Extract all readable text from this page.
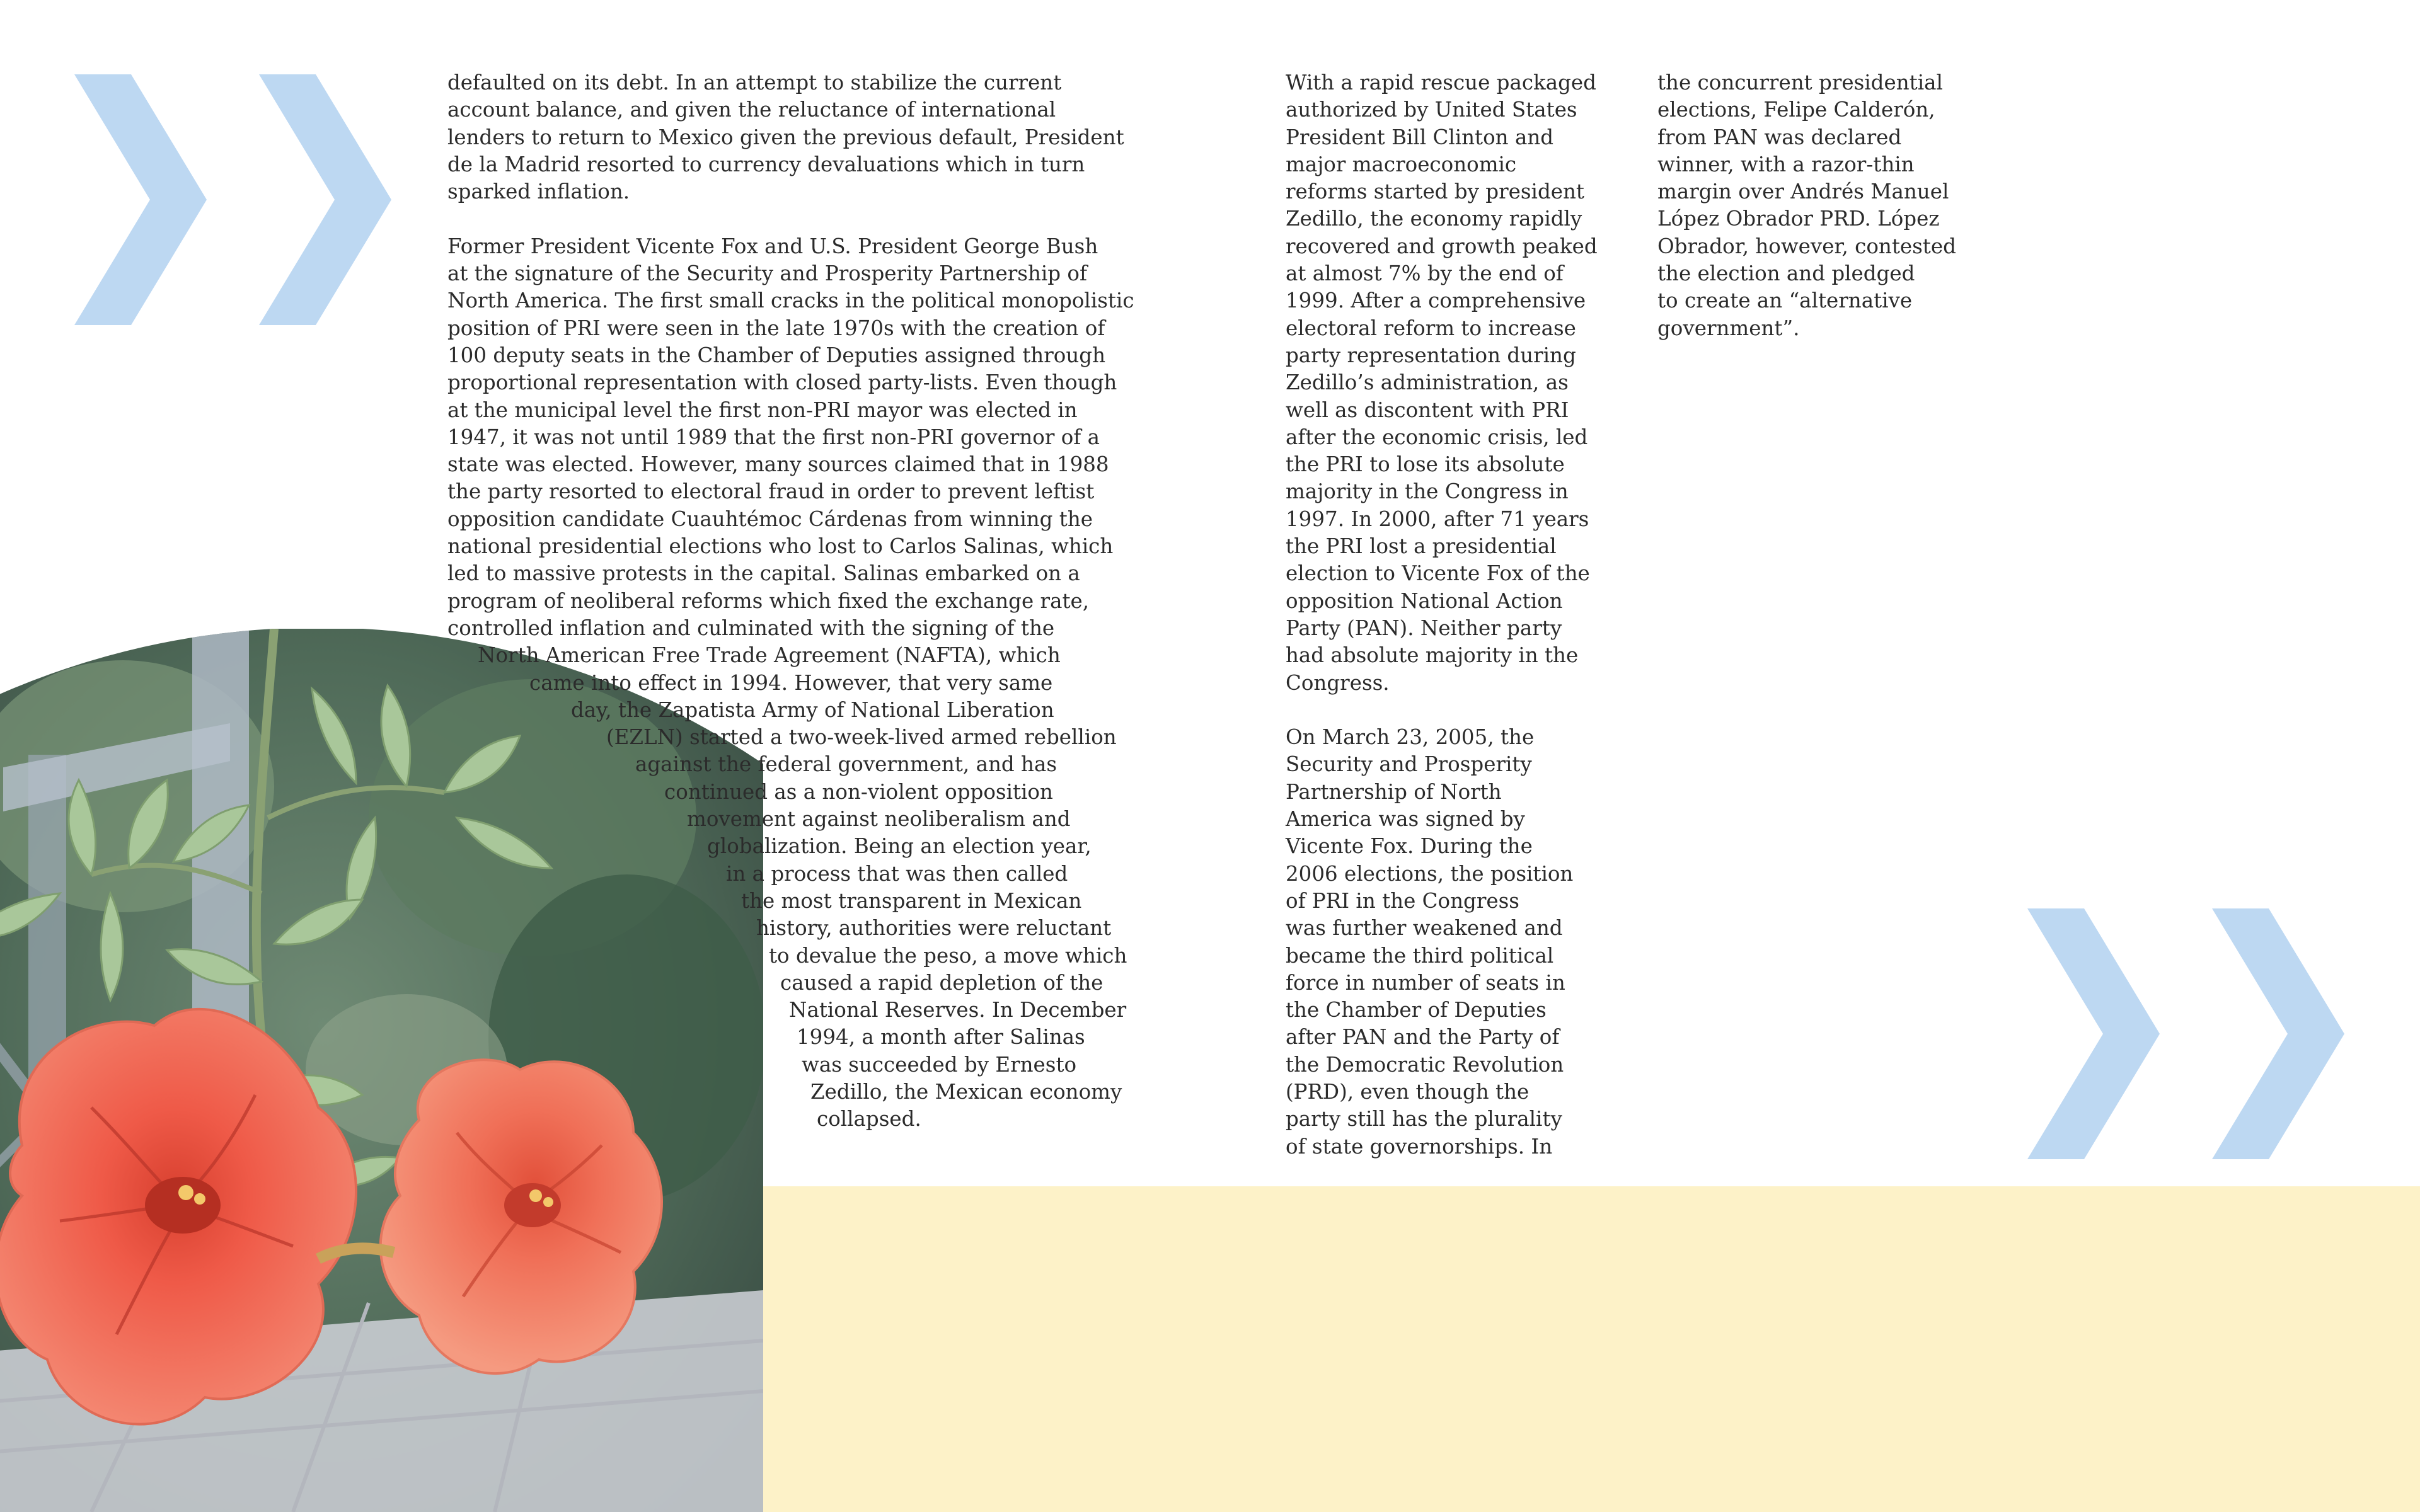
defaulted on its debt. In an attempt to stabilize the current
account balance, and given the reluctance of international
lenders to return to Mexico given the previous default, President
de la Madrid resorted to currency devaluations which in turn
sparked inflation.

Former President Vicente Fox and U.S. President George Bush
at the signature of the Security and Prosperity Partnership of
North America. The first small cracks in the political monopolistic
position of PRI were seen in the late 1970s with the creation of
100 deputy seats in the Chamber of Deputies assigned through
proportional representation with closed party-lists. Even though
at the municipal level the first non-PRI mayor was elected in
1947, it was not until 1989 that the first non-PRI governor of a
state was elected. However, many sources claimed that in 1988
the party resorted to electoral fraud in order to prevent leftist
opposition candidate Cuauhtémoc Cárdenas from winning the
national presidential elections who lost to Carlos Salinas, which
led to massive protests in the capital. Salinas embarked on a
program of neoliberal reforms which fixed the exchange rate,
controlled inflation and culminated with the signing of the
North American Free Trade Agreement (NAFTA), which
came into effect in 1994. However, that very same
day, the Zapatista Army of National Liberation
(EZLN) started a two-week-lived armed rebellion
against the federal government, and has
continued as a non-violent opposition
movement against neoliberalism and
globalization. Being an election year,
in a process that was then called
the most transparent in Mexican
history, authorities were reluctant
to devalue the peso, a move which
caused a rapid depletion of the
National Reserves. In December
1994, a month after Salinas
was succeeded by Ernesto
Zedillo, the Mexican economy
collapsed.

With a rapid rescue packaged
authorized by United States
President Bill Clinton and
major macroeconomic
reforms started by president
Zedillo, the economy rapidly
recovered and growth peaked
at almost 7% by the end of
1999. After a comprehensive
electoral reform to increase
party representation during
Zedillo’s administration, as
well as discontent with PRI
after the economic crisis, led
the PRI to lose its absolute
majority in the Congress in
1997. In 2000, after 71 years
the PRI lost a presidential
election to Vicente Fox of the
opposition National Action
Party (PAN). Neither party
had absolute majority in the
Congress.

On March 23, 2005, the
Security and Prosperity
Partnership of North
America was signed by
Vicente Fox. During the
2006 elections, the position
of PRI in the Congress
was further weakened and
became the third political
force in number of seats in
the Chamber of Deputies
after PAN and the Party of
the Democratic Revolution
(PRD), even though the
party still has the plurality
of state governorships. In

the concurrent presidential
elections, Felipe Calderón,
from PAN was declared
winner, with a razor-thin
margin over Andrés Manuel
López Obrador PRD. López
Obrador, however, contested
the election and pledged
to create an “alternative
government”.
